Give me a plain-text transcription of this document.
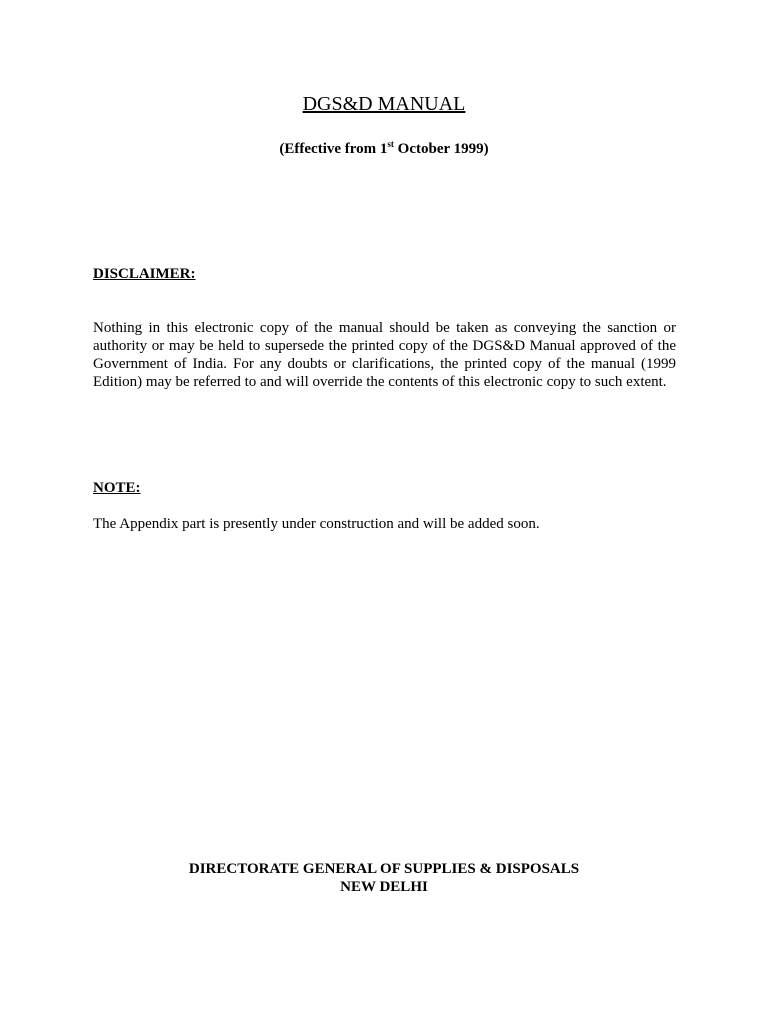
DGS&D MANUAL

(Effective from 1st October 1999)

DISCLAIMER:

Nothing in this electronic copy of the manual should be taken as conveying the sanction or authority or may be held to supersede the printed copy of the DGS&D Manual approved of the Government of India. For any doubts or clarifications, the printed copy of the manual (1999 Edition) may be referred to and will override the contents of this electronic copy to such extent.

NOTE:

The Appendix part is presently under construction and will be added soon.

DIRECTORATE GENERAL OF SUPPLIES & DISPOSALS
NEW DELHI
